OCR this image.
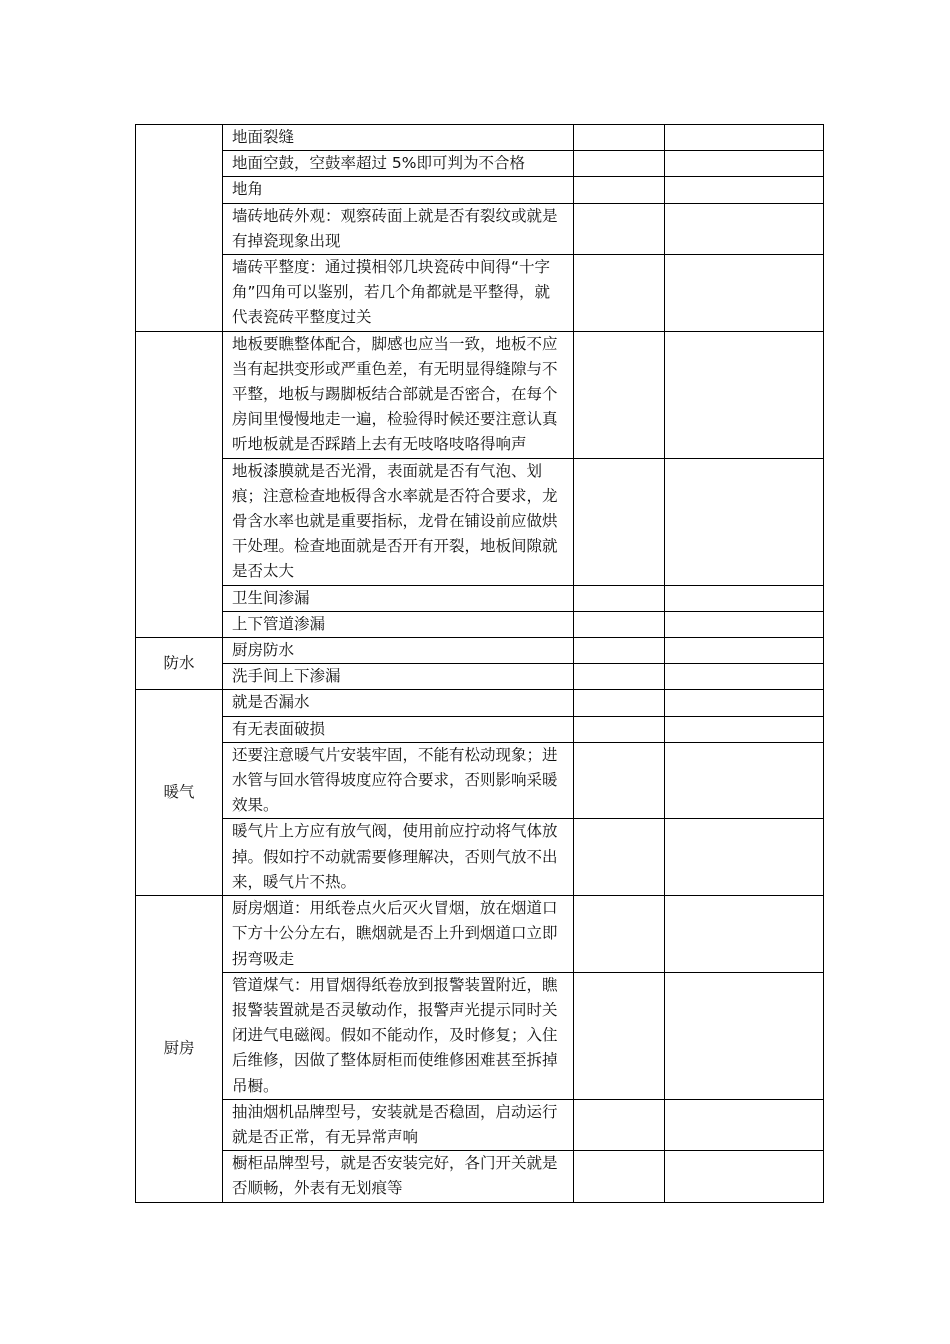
	地面裂缝		
	地面空鼓，空鼓率超过 5%即可判为不合格		
	地角		
	墙砖地砖外观：观察砖面上就是否有裂纹或就是有掉瓷现象出现		
	墙砖平整度：通过摸相邻几块瓷砖中间得“十字角”四角可以鉴别，若几个角都就是平整得，就代表瓷砖平整度过关		
	地板要瞧整体配合，脚感也应当一致，地板不应当有起拱变形或严重色差，有无明显得缝隙与不平整，地板与踢脚板结合部就是否密合，在每个房间里慢慢地走一遍，检验得时候还要注意认真听地板就是否踩踏上去有无吱咯吱咯得响声		
	地板漆膜就是否光滑，表面就是否有气泡、划痕；注意检查地板得含水率就是否符合要求，龙骨含水率也就是重要指标，龙骨在铺设前应做烘干处理。检查地面就是否开有开裂，地板间隙就是否太大		
	卫生间渗漏		
	上下管道渗漏		
防水	厨房防水		
	洗手间上下渗漏		
暖气	就是否漏水		
	有无表面破损		
	还要注意暖气片安装牢固，不能有松动现象；进水管与回水管得坡度应符合要求，否则影响采暖效果。		
	暖气片上方应有放气阀，使用前应拧动将气体放掉。假如拧不动就需要修理解决，否则气放不出来，暖气片不热。		
厨房	厨房烟道：用纸卷点火后灭火冒烟，放在烟道口下方十公分左右，瞧烟就是否上升到烟道口立即拐弯吸走		
	管道煤气：用冒烟得纸卷放到报警装置附近，瞧报警装置就是否灵敏动作，报警声光提示同时关闭进气电磁阀。假如不能动作，及时修复；入住后维修，因做了整体厨柜而使维修困难甚至拆掉吊橱。		
	抽油烟机品牌型号，安装就是否稳固，启动运行就是否正常，有无异常声响		
	橱柜品牌型号，就是否安装完好，各门开关就是否顺畅，外表有无划痕等		
